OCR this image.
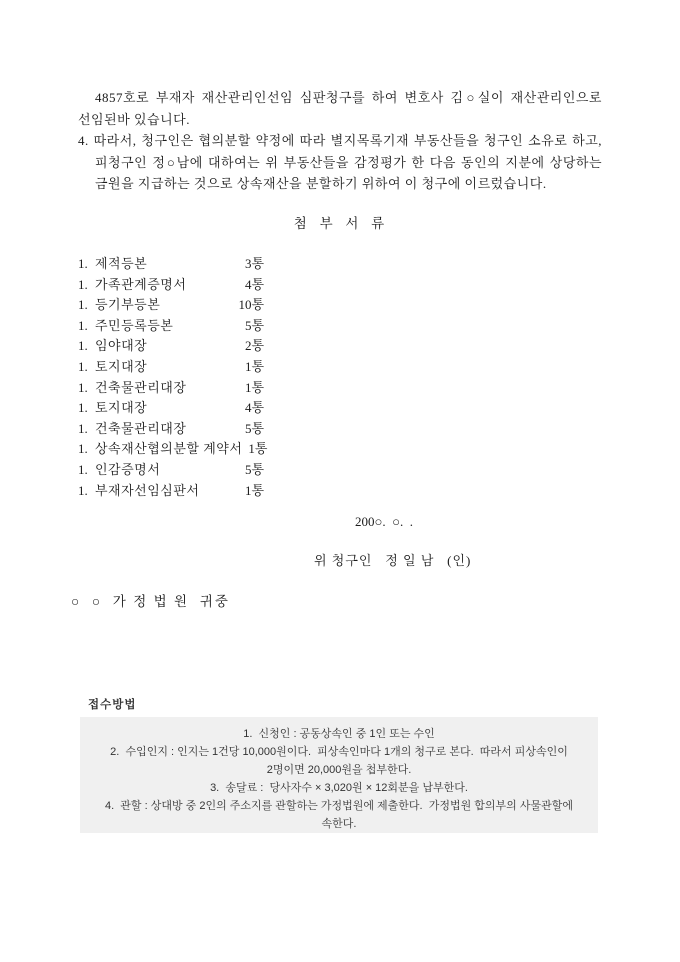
4857호로 부재자 재산관리인선임 심판청구를 하여 변호사 김○실이 재산관리인으로
선임된바 있습니다.
4. 따라서, 청구인은 협의분할 약정에 따라 별지목록기재 부동산들을 청구인 소유로 하고,
피청구인 정○남에 대하여는 위 부동산들을 감정평가 한 다음 동인의 지분에 상당하는
금원을 지급하는 것으로 상속재산을 분할하기 위하여 이 청구에 이르렀습니다.
첨  부  서  류
1. 제적등본	3통
1. 가족관계증명서	4통
1. 등기부등본	10통
1. 주민등록등본	5통
1. 임야대장	2통
1. 토지대장	1통
1. 건축물관리대장	1통
1. 토지대장	4통
1. 건축물관리대장	5통
1. 상속재산협의분할 계약서 1통
1. 인감증명서	5통
1. 부재자선임심판서	1통
200○.  ○.  .
위 청구인   정 일 남   (인)
○  ○  가 정 법 원  귀중
접수방법
1.  신청인 : 공동상속인 중 1인 또는 수인
2.  수입인지 : 인지는 1건당 10,000원이다.  피상속인마다 1개의 청구로 본다.  따라서 피상속인이
2명이면 20,000원을 첩부한다.
3.  송달료 :  당사자수 × 3,020원 × 12회분을 납부한다.
4.  관할 : 상대방 중 2인의 주소지를 관할하는 가정법원에 제출한다.  가정법원 합의부의 사물관할에
속한다.
